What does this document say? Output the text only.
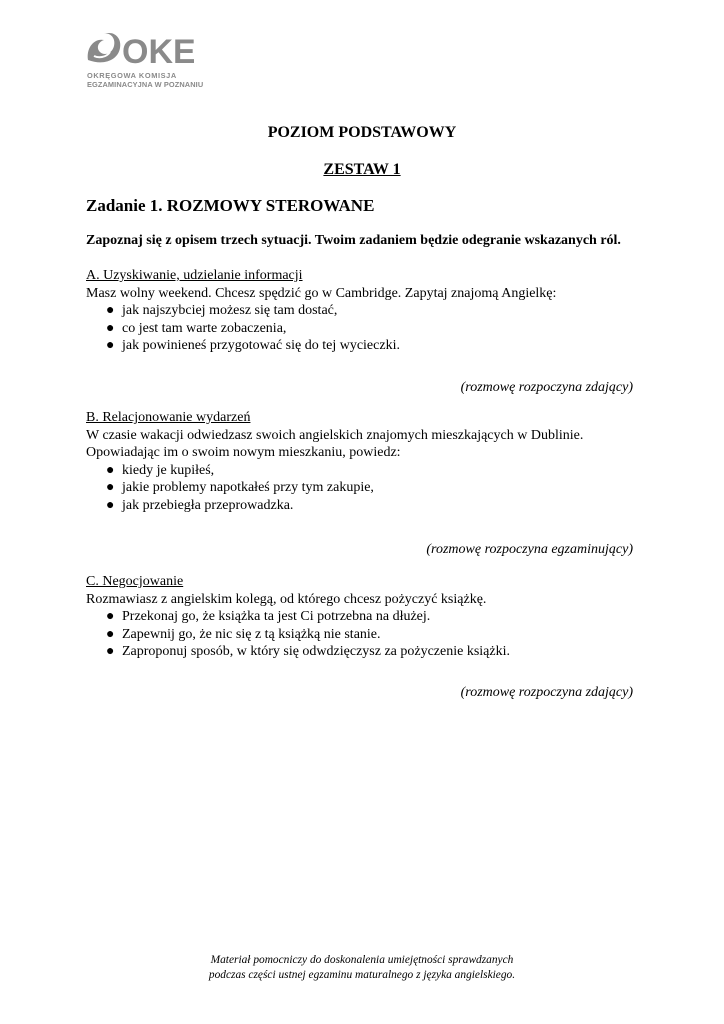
OKE
OKRĘGOWA KOMISJA
EGZAMINACYJNA W POZNANIU
POZIOM PODSTAWOWY
ZESTAW 1
Zadanie 1. ROZMOWY STEROWANE
Zapoznaj się z opisem trzech sytuacji. Twoim zadaniem będzie odegranie wskazanych ról.
A. Uzyskiwanie, udzielanie informacji
Masz wolny weekend. Chcesz spędzić go w Cambridge. Zapytaj znajomą Angielkę:
● jak najszybciej możesz się tam dostać,
● co jest tam warte zobaczenia,
● jak powinieneś przygotować się do tej wycieczki.
(rozmowę rozpoczyna zdający)
B. Relacjonowanie wydarzeń
W czasie wakacji odwiedzasz swoich angielskich znajomych mieszkających w Dublinie.
Opowiadając im o swoim nowym mieszkaniu, powiedz:
● kiedy je kupiłeś,
● jakie problemy napotkałeś przy tym zakupie,
● jak przebiegła przeprowadzka.
(rozmowę rozpoczyna egzaminujący)
C. Negocjowanie
Rozmawiasz z angielskim kolegą, od którego chcesz pożyczyć książkę.
● Przekonaj go, że książka ta jest Ci potrzebna na dłużej.
● Zapewnij go, że nic się z tą książką nie stanie.
● Zaproponuj sposób, w który się odwdzięczysz za pożyczenie książki.
(rozmowę rozpoczyna zdający)
Materiał pomocniczy do doskonalenia umiejętności sprawdzanych
podczas części ustnej egzaminu maturalnego z języka angielskiego.
